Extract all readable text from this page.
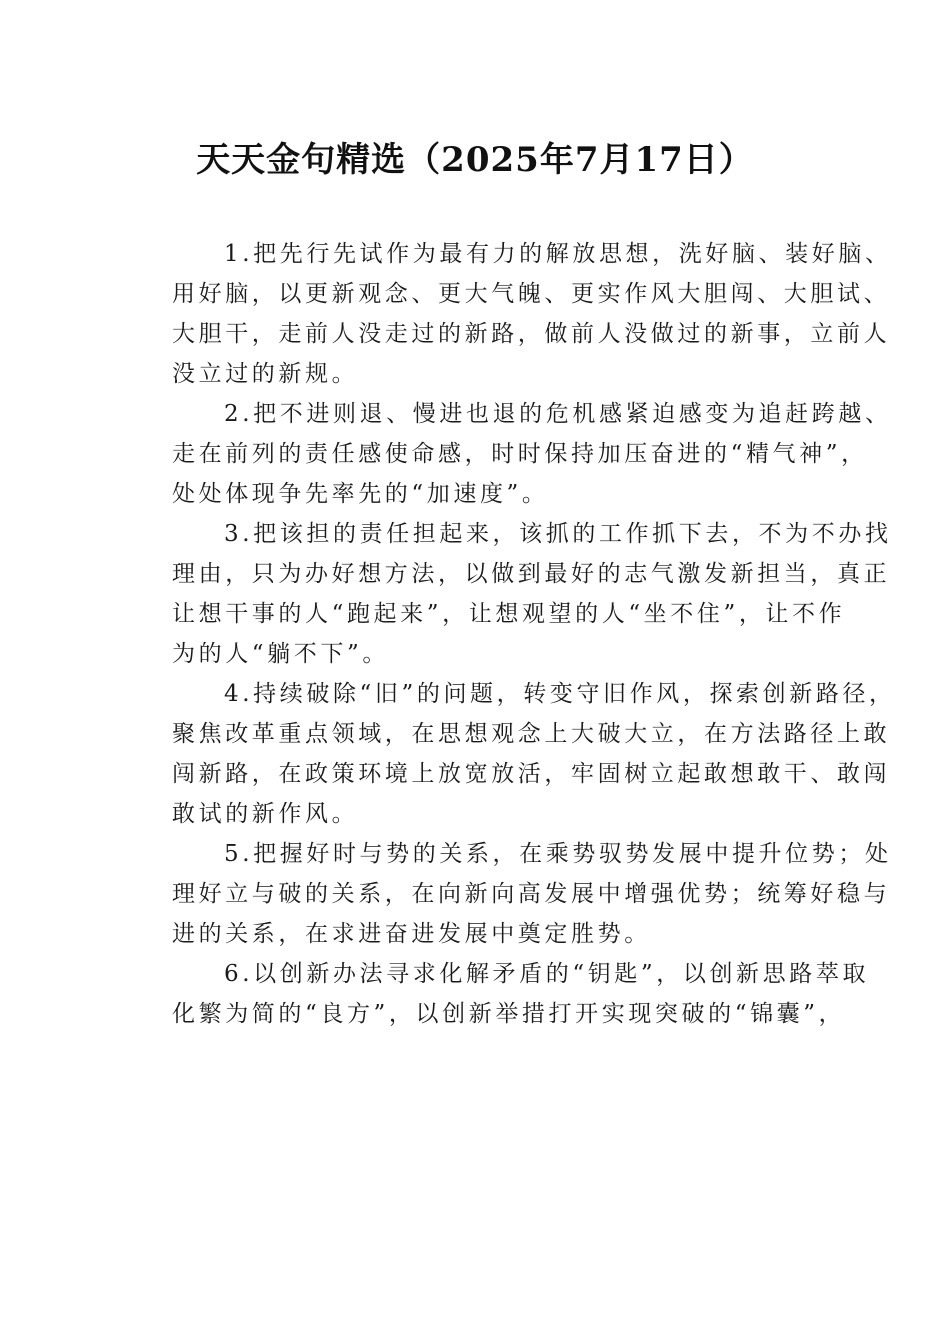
天天金句精选（2025年7月17日）
1.把先行先试作为最有力的解放思想，洗好脑、装好脑、
用好脑，以更新观念、更大气魄、更实作风大胆闯、大胆试、
大胆干，走前人没走过的新路，做前人没做过的新事，立前人
没立过的新规。
2.把不进则退、慢进也退的危机感紧迫感变为追赶跨越、
走在前列的责任感使命感，时时保持加压奋进的“精气神”，
处处体现争先率先的“加速度”。
3.把该担的责任担起来，该抓的工作抓下去，不为不办找
理由，只为办好想方法，以做到最好的志气激发新担当，真正
让想干事的人“跑起来”，让想观望的人“坐不住”，让不作
为的人“躺不下”。
4.持续破除“旧”的问题，转变守旧作风，探索创新路径，
聚焦改革重点领域，在思想观念上大破大立，在方法路径上敢
闯新路，在政策环境上放宽放活，牢固树立起敢想敢干、敢闯
敢试的新作风。
5.把握好时与势的关系，在乘势驭势发展中提升位势；处
理好立与破的关系，在向新向高发展中增强优势；统筹好稳与
进的关系，在求进奋进发展中奠定胜势。
6.以创新办法寻求化解矛盾的“钥匙”，以创新思路萃取
化繁为简的“良方”，以创新举措打开实现突破的“锦囊”，
